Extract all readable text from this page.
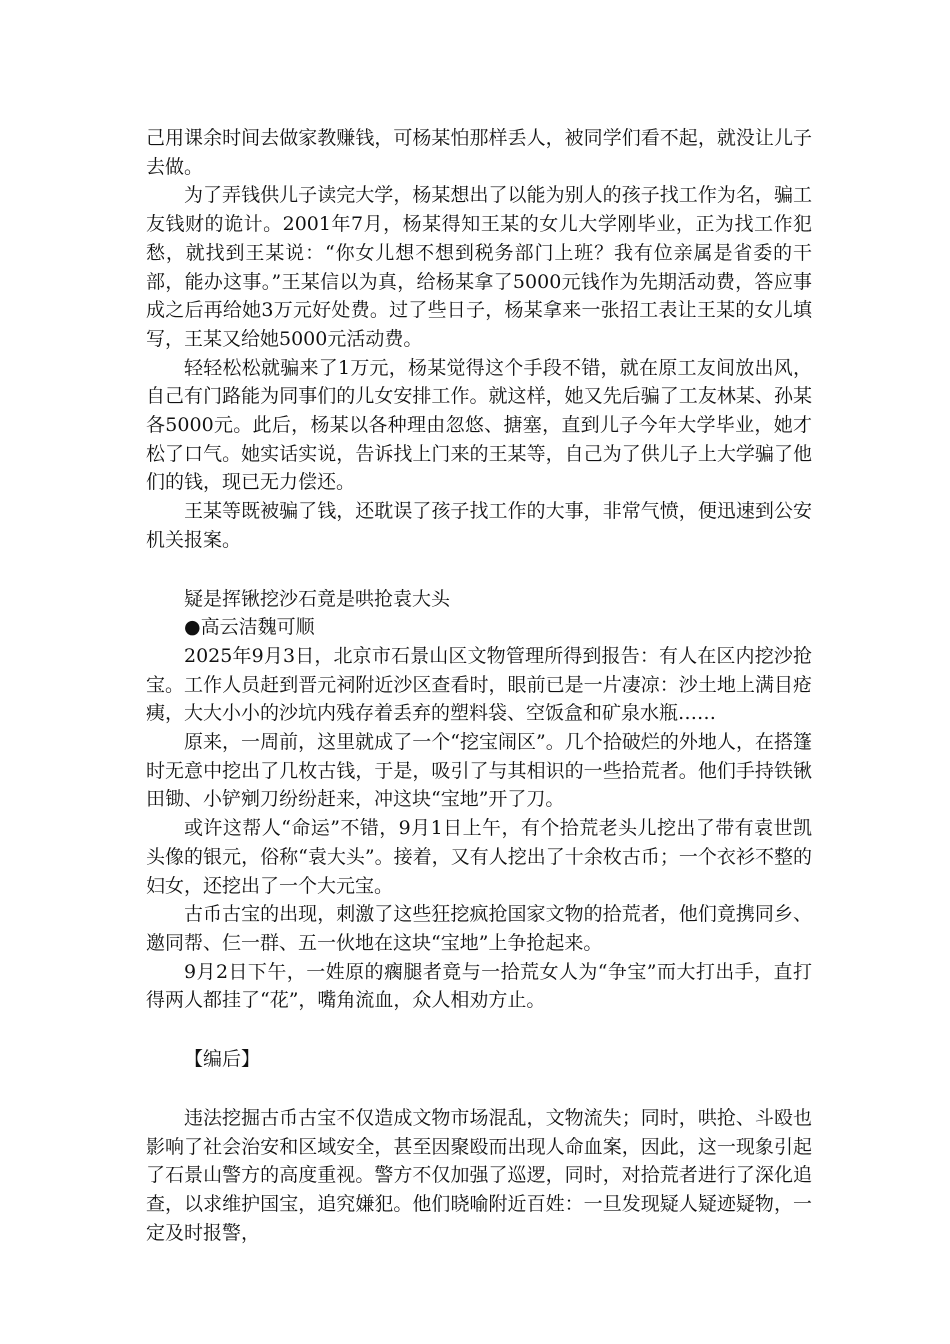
己用课余时间去做家教赚钱，可杨某怕那样丢人，被同学们看不起，就没让儿子去做。

为了弄钱供儿子读完大学，杨某想出了以能为别人的孩子找工作为名，骗工友钱财的诡计。2001年7月，杨某得知王某的女儿大学刚毕业，正为找工作犯愁，就找到王某说：“你女儿想不想到税务部门上班？我有位亲属是省委的干部，能办这事。”王某信以为真，给杨某拿了5000元钱作为先期活动费，答应事成之后再给她3万元好处费。过了些日子，杨某拿来一张招工表让王某的女儿填写，王某又给她5000元活动费。

轻轻松松就骗来了1万元，杨某觉得这个手段不错，就在原工友间放出风，自己有门路能为同事们的儿女安排工作。就这样，她又先后骗了工友林某、孙某各5000元。此后，杨某以各种理由忽悠、搪塞，直到儿子今年大学毕业，她才松了口气。她实话实说，告诉找上门来的王某等，自己为了供儿子上大学骗了他们的钱，现已无力偿还。

王某等既被骗了钱，还耽误了孩子找工作的大事，非常气愤，便迅速到公安机关报案。

疑是挥锹挖沙石竟是哄抢袁大头

●高云洁魏可顺

2025年9月3日，北京市石景山区文物管理所得到报告：有人在区内挖沙抢宝。工作人员赶到晋元祠附近沙区查看时，眼前已是一片凄凉：沙土地上满目疮痍，大大小小的沙坑内残存着丢弃的塑料袋、空饭盒和矿泉水瓶……

原来，一周前，这里就成了一个“挖宝闹区”。几个拾破烂的外地人，在搭篷时无意中挖出了几枚古钱，于是，吸引了与其相识的一些拾荒者。他们手持铁锹田锄、小铲剜刀纷纷赶来，冲这块“宝地”开了刀。

或许这帮人“命运”不错，9月1日上午，有个拾荒老头儿挖出了带有袁世凯头像的银元，俗称“袁大头”。接着，又有人挖出了十余枚古币；一个衣衫不整的妇女，还挖出了一个大元宝。

古币古宝的出现，刺激了这些狂挖疯抢国家文物的拾荒者，他们竟携同乡、邀同帮、仨一群、五一伙地在这块“宝地”上争抢起来。

9月2日下午，一姓原的瘸腿者竟与一拾荒女人为“争宝”而大打出手，直打得两人都挂了“花”，嘴角流血，众人相劝方止。

【编后】

违法挖掘古币古宝不仅造成文物市场混乱，文物流失；同时，哄抢、斗殴也影响了社会治安和区域安全，甚至因聚殴而出现人命血案，因此，这一现象引起了石景山警方的高度重视。警方不仅加强了巡逻，同时，对拾荒者进行了深化追查，以求维护国宝，追究嫌犯。他们晓喻附近百姓：一旦发现疑人疑迹疑物，一定及时报警，
